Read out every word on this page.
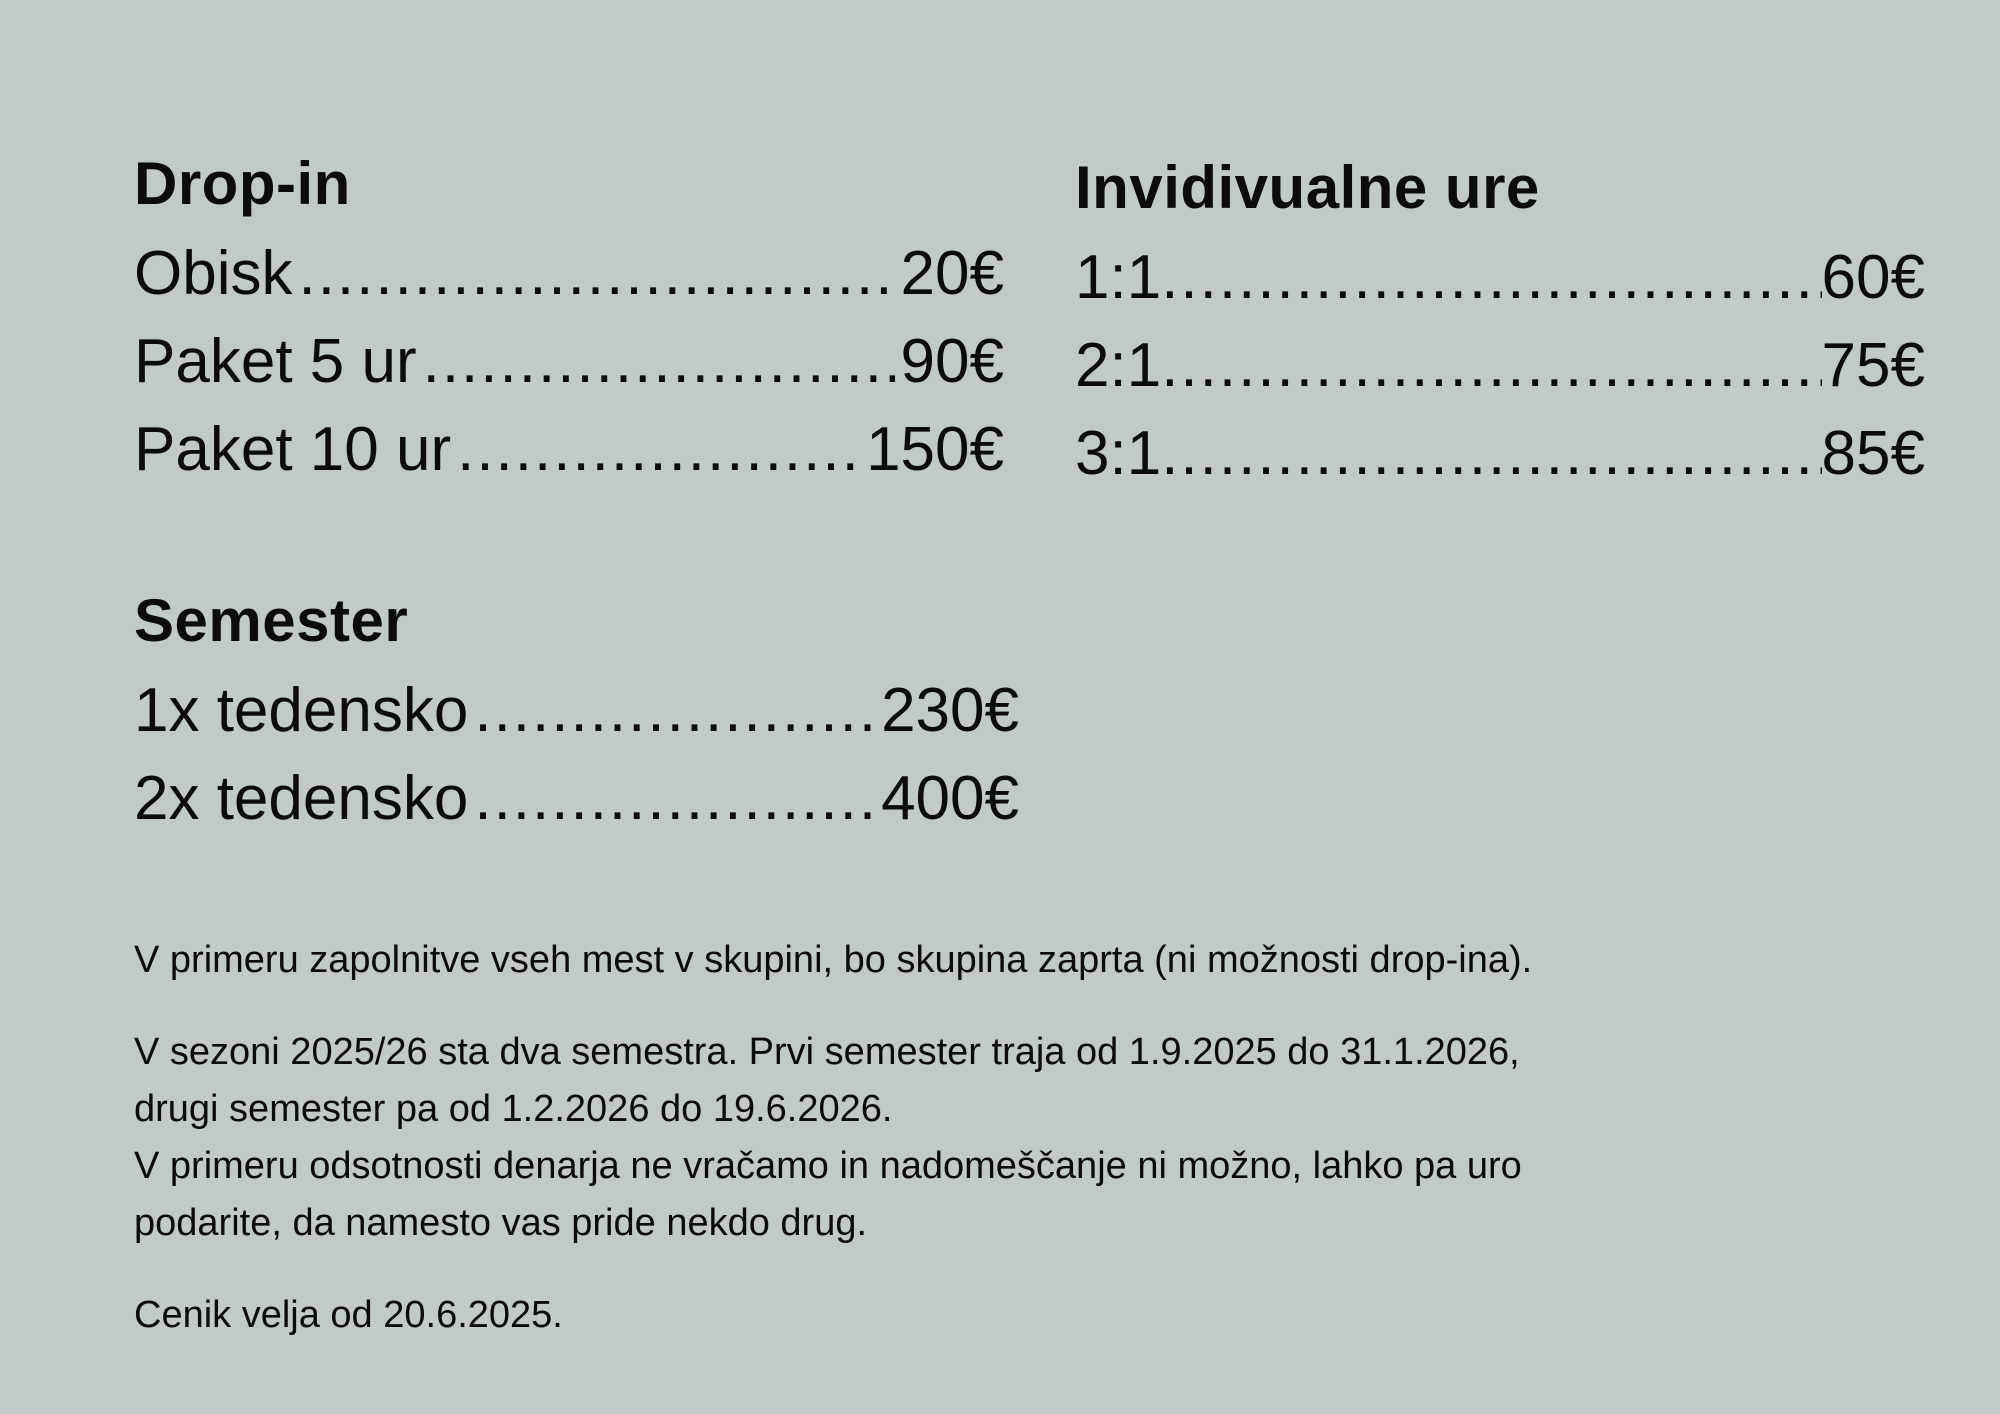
Drop-in
Obisk .....	20€
Paket 5 ur .....	90€
Paket 10 ur .....	150€
Invidivualne ure
1:1 .....	60€
2:1 .....	75€
3:1 .....	85€
Semester
1x tedensko .....	230€
2x tedensko .....	400€

V primeru zapolnitve vseh mest v skupini, bo skupina zaprta (ni možnosti drop-ina).

V sezoni 2025/26 sta dva semestra. Prvi semester traja od 1.9.2025 do 31.1.2026,

drugi semester pa od 1.2.2026 do 19.6.2026.

V primeru odsotnosti denarja ne vračamo in nadomeščanje ni možno, lahko pa uro

podarite, da namesto vas pride nekdo drug.

Cenik velja od 20.6.2025.
